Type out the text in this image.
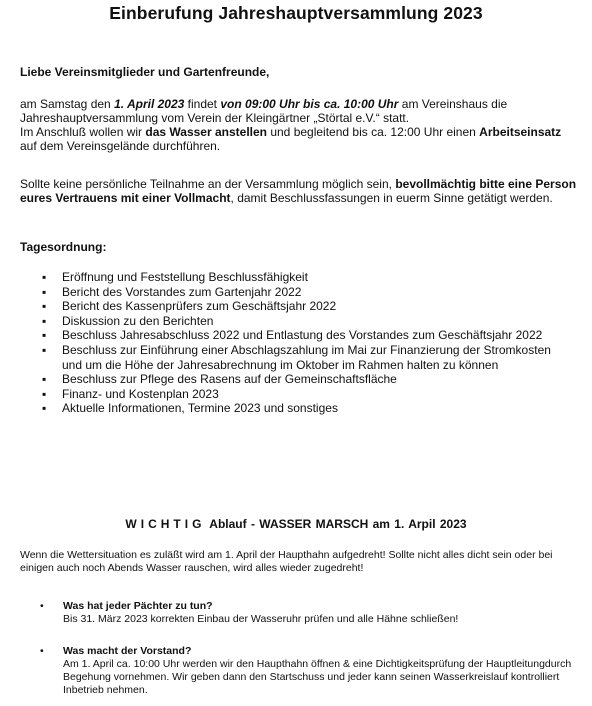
Einberufung Jahreshauptversammlung 2023

Liebe Vereinsmitglieder und Gartenfreunde,

am Samstag den 1. April 2023 findet von 09:00 Uhr bis ca. 10:00 Uhr am Vereinshaus die Jahreshauptversammlung vom Verein der Kleingärtner „Störtal e.V.“ statt.
Im Anschluß wollen wir das Wasser anstellen und begleitend bis ca. 12:00 Uhr einen Arbeitseinsatz auf dem Vereinsgelände durchführen.

Sollte keine persönliche Teilnahme an der Versammlung möglich sein, bevollmächtig bitte eine Person eures Vertrauens mit einer Vollmacht, damit Beschlussfassungen in euerm Sinne getätigt werden.

Tagesordnung:

▪ Eröffnung und Feststellung Beschlussfähigkeit
▪ Bericht des Vorstandes zum Gartenjahr 2022
▪ Bericht des Kassenprüfers zum Geschäftsjahr 2022
▪ Diskussion zu den Berichten
▪ Beschluss Jahresabschluss 2022 und Entlastung des Vorstandes zum Geschäftsjahr 2022
▪ Beschluss zur Einführung einer Abschlagszahlung im Mai zur Finanzierung der Stromkosten und um die Höhe der Jahresabrechnung im Oktober im Rahmen halten zu können
▪ Beschluss zur Pflege des Rasens auf der Gemeinschaftsfläche
▪ Finanz- und Kostenplan 2023
▪ Aktuelle Informationen, Termine 2023 und sonstiges
WICHTIG Ablauf - WASSER MARSCH am 1. Arpil 2023

Wenn die Wettersituation es zuläßt wird am 1. April der Haupthahn aufgedreht! Sollte nicht alles dicht sein oder bei einigen auch noch Abends Wasser rauschen, wird alles wieder zugedreht!

• Was hat jeder Pächter zu tun?
Bis 31. März 2023 korrekten Einbau der Wasseruhr prüfen und alle Hähne schließen!
• Was macht der Vorstand?
Am 1. April ca. 10:00 Uhr werden wir den Haupthahn öffnen & eine Dichtigkeitsprüfung der Hauptleitungdurch Begehung vornehmen. Wir geben dann den Startschuss und jeder kann seinen Wasserkreislauf kontrolliert Inbetrieb nehmen.
